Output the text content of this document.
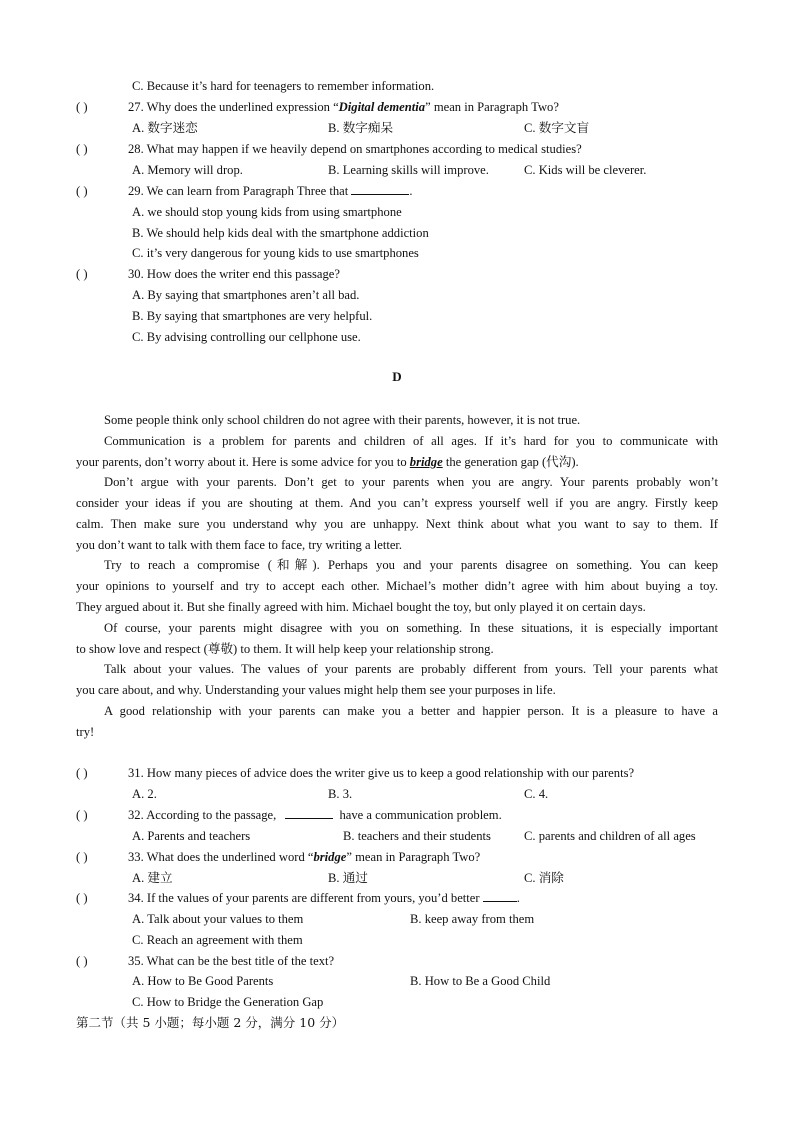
C. Because it’s hard for teenagers to remember information.
( )	27. Why does the underlined expression “Digital dementia” mean in Paragraph Two?
A. 数字迷恋	B. 数字痴呆	C. 数字文盲
( )	28. What may happen if we heavily depend on smartphones according to medical studies?
A. Memory will drop.	B. Learning skills will improve.	C. Kids will be cleverer.
( )	29. We can learn from Paragraph Three that	.
A. we should stop young kids from using smartphone
B. We should help kids deal with the smartphone addiction
C. it’s very dangerous for young kids to use smartphones
( )	30. How does the writer end this passage?
A. By saying that smartphones aren’t all bad.
B. By saying that smartphones are very helpful.
C. By advising controlling our cellphone use.
D
Some people think only school children do not agree with their parents, however, it is not true.
Communication is a problem for parents and children of all ages. If it’s hard for you to communicate with
your parents, don’t worry about it. Here is some advice for you to bridge the generation gap (代沟).
Don’t argue with your parents. Don’t get to your parents when you are angry. Your parents probably won’t
consider your ideas if you are shouting at them. And you can’t express yourself well if you are angry. Firstly keep
calm. Then make sure you understand why you are unhappy. Next think about what you want to say to them. If
you don’t want to talk with them face to face, try writing a letter.
Try to reach a compromise (和解). Perhaps you and your parents disagree on something. You can keep
your opinions to yourself and try to accept each other. Michael’s mother didn’t agree with him about buying a toy.
They argued about it. But she finally agreed with him. Michael bought the toy, but only played it on certain days.
Of course, your parents might disagree with you on something. In these situations, it is especially important
to show love and respect (尊敬) to them. It will help keep your relationship strong.
Talk about your values. The values of your parents are probably different from yours. Tell your parents what
you care about, and why. Understanding your values might help them see your purposes in life.
A good relationship with your parents can make you a better and happier person. It is a pleasure to have a
try!
( )	31. How many pieces of advice does the writer give us to keep a good relationship with our parents?
A. 2.	B. 3.	C. 4.
( )	32. According to the passage,	have a communication problem.
A. Parents and teachers	B. teachers and their students	C. parents and children of all ages
( )	33. What does the underlined word “bridge” mean in Paragraph Two?
A. 建立	B. 通过	C. 消除
( )	34. If the values of your parents are different from yours, you’d better	.
A. Talk about your values to them	B. keep away from them
C. Reach an agreement with them
( )	35. What can be the best title of the text?
A. How to Be Good Parents	B. How to Be a Good Child
C. How to Bridge the Generation Gap
第二节（共 5 小题；每小题 2 分，满分 10 分）
